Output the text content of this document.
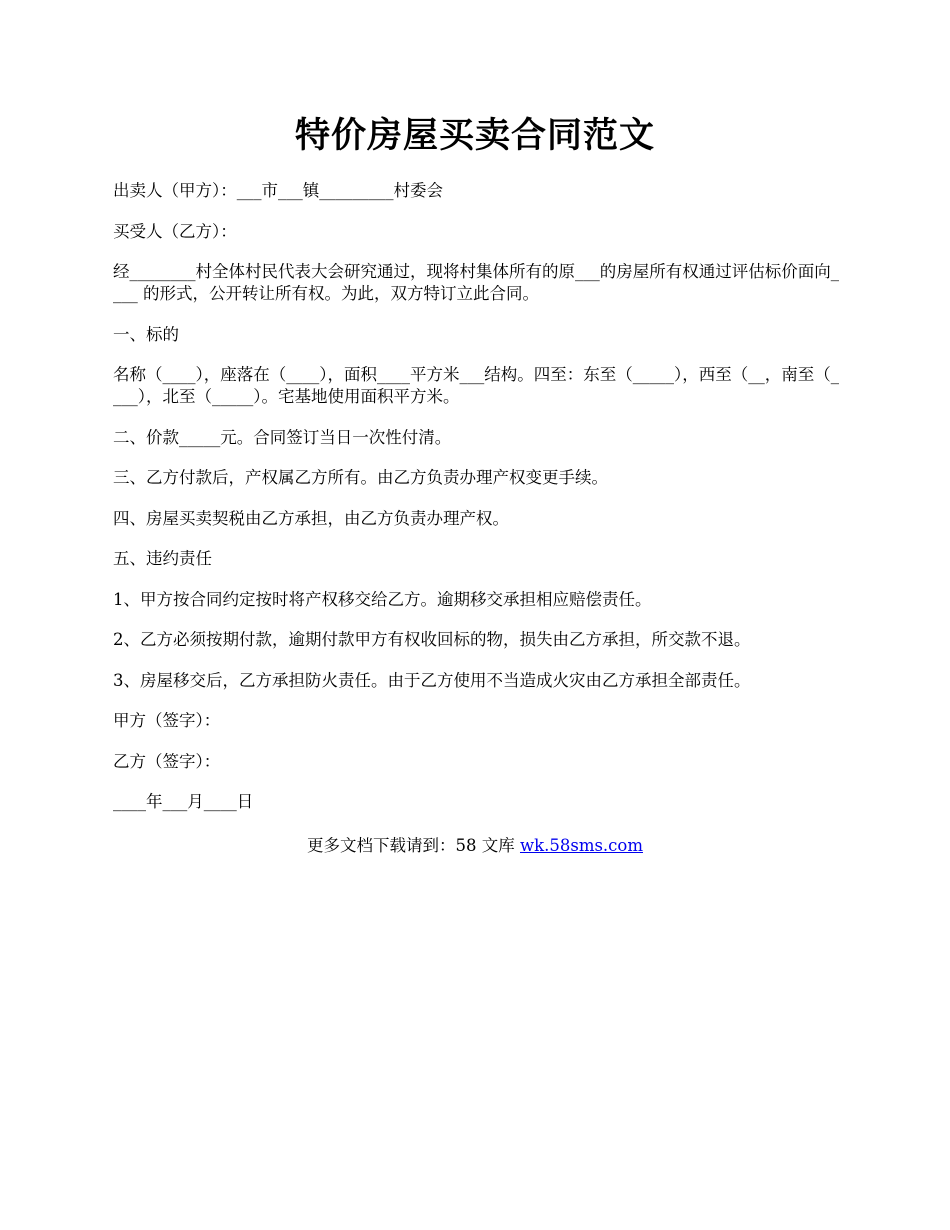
特价房屋买卖合同范文

出卖人（甲方）：___市___镇_________村委会

买受人（乙方）：

经________村全体村民代表大会研究通过，现将村集体所有的原___的房屋所有权通过评估标价面向____ 的形式，公开转让所有权。为此，双方特订立此合同。

一、标的

名称（____），座落在（____），面积____平方米___结构。四至：东至（_____），西至（__，南至（____），北至（_____）。宅基地使用面积平方米。

二、价款_____元。合同签订当日一次性付清。

三、乙方付款后，产权属乙方所有。由乙方负责办理产权变更手续。

四、房屋买卖契税由乙方承担，由乙方负责办理产权。

五、违约责任

1、甲方按合同约定按时将产权移交给乙方。逾期移交承担相应赔偿责任。

2、乙方必须按期付款，逾期付款甲方有权收回标的物，损失由乙方承担，所交款不退。

3、房屋移交后，乙方承担防火责任。由于乙方使用不当造成火灾由乙方承担全部责任。

甲方（签字）：

乙方（签字）：

____年___月____日

更多文档下载请到：58 文库 wk.58sms.com
